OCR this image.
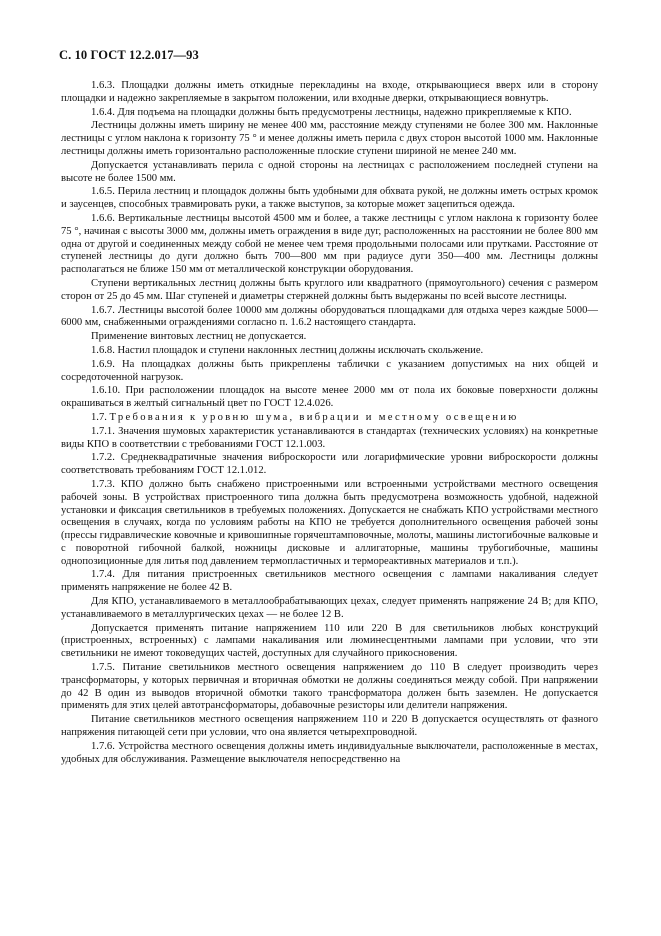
С. 10 ГОСТ 12.2.017—93

1.6.3. Площадки должны иметь откидные перекладины на входе, открывающиеся вверх или в сторону площадки и надежно закрепляемые в закрытом положении, или входные дверки, открывающиеся вовнутрь.

1.6.4. Для подъема на площадки должны быть предусмотрены лестницы, надежно прикрепляемые к КПО.

Лестницы должны иметь ширину не менее 400 мм, расстояние между ступенями не более 300 мм. Наклонные лестницы с углом наклона к горизонту 75 ° и менее должны иметь перила с двух сторон высотой 1000 мм. Наклонные лестницы должны иметь горизонтально расположенные плоские ступени шириной не менее 240 мм.

Допускается устанавливать перила с одной стороны на лестницах с расположением последней ступени на высоте не более 1500 мм.

1.6.5. Перила лестниц и площадок должны быть удобными для обхвата рукой, не должны иметь острых кромок и заусенцев, способных травмировать руки, а также выступов, за которые может зацепиться одежда.

1.6.6. Вертикальные лестницы высотой 4500 мм и более, а также лестницы с углом наклона к горизонту более 75 °, начиная с высоты 3000 мм, должны иметь ограждения в виде дуг, расположенных на расстоянии не более 800 мм одна от другой и соединенных между собой не менее чем тремя продольными полосами или прутками. Расстояние от ступеней лестницы до дуги должно быть 700—800 мм при радиусе дуги 350—400 мм. Лестницы должны располагаться не ближе 150 мм от металлической конструкции оборудования.

Ступени вертикальных лестниц должны быть круглого или квадратного (прямоугольного) сечения с размером сторон от 25 до 45 мм. Шаг ступеней и диаметры стержней должны быть выдержаны по всей высоте лестницы.

1.6.7. Лестницы высотой более 10000 мм должны оборудоваться площадками для отдыха через каждые 5000—6000 мм, снабженными ограждениями согласно п. 1.6.2 настоящего стандарта.

Применение винтовых лестниц не допускается.

1.6.8. Настил площадок и ступени наклонных лестниц должны исключать скольжение.

1.6.9. На площадках должны быть прикреплены таблички с указанием допустимых на них общей и сосредоточенной нагрузок.

1.6.10. При расположении площадок на высоте менее 2000 мм от пола их боковые поверхности должны окрашиваться в желтый сигнальный цвет по ГОСТ 12.4.026.

1.7. Требования к уровню шума, вибрации и местному освещению

1.7.1. Значения шумовых характеристик устанавливаются в стандартах (технических условиях) на конкретные виды КПО в соответствии с требованиями ГОСТ 12.1.003.

1.7.2. Среднеквадратичные значения виброскорости или логарифмические уровни виброскорости должны соответствовать требованиям ГОСТ 12.1.012.

1.7.3. КПО должно быть снабжено пристроенными или встроенными устройствами местного освещения рабочей зоны. В устройствах пристроенного типа должна быть предусмотрена возможность удобной, надежной установки и фиксация светильников в требуемых положениях. Допускается не снабжать КПО устройствами местного освещения в случаях, когда по условиям работы на КПО не требуется дополнительного освещения рабочей зоны (прессы гидравлические ковочные и кривошипные горячештамповочные, молоты, машины листогибочные валковые и с поворотной гибочной балкой, ножницы дисковые и аллигаторные, машины трубогибочные, машины однопозиционные для литья под давлением термопластичных и термореактивных материалов и т.п.).

1.7.4. Для питания пристроенных светильников местного освещения с лампами накаливания следует применять напряжение не более 42 В.

Для КПО, устанавливаемого в металлообрабатывающих цехах, следует применять напряжение 24 В; для КПО, устанавливаемого в металлургических цехах — не более 12 В.

Допускается применять питание напряжением 110 или 220 В для светильников любых конструкций (пристроенных, встроенных) с лампами накаливания или люминесцентными лампами при условии, что эти светильники не имеют токоведущих частей, доступных для случайного прикосновения.

1.7.5. Питание светильников местного освещения напряжением до 110 В следует производить через трансформаторы, у которых первичная и вторичная обмотки не должны соединяться между собой. При напряжении до 42 В один из выводов вторичной обмотки такого трансформатора должен быть заземлен. Не допускается применять для этих целей автотрансформаторы, добавочные резисторы или делители напряжения.

Питание светильников местного освещения напряжением 110 и 220 В допускается осуществлять от фазного напряжения питающей сети при условии, что она является четырехпроводной.

1.7.6. Устройства местного освещения должны иметь индивидуальные выключатели, расположенные в местах, удобных для обслуживания. Размещение выключателя непосредственно на
